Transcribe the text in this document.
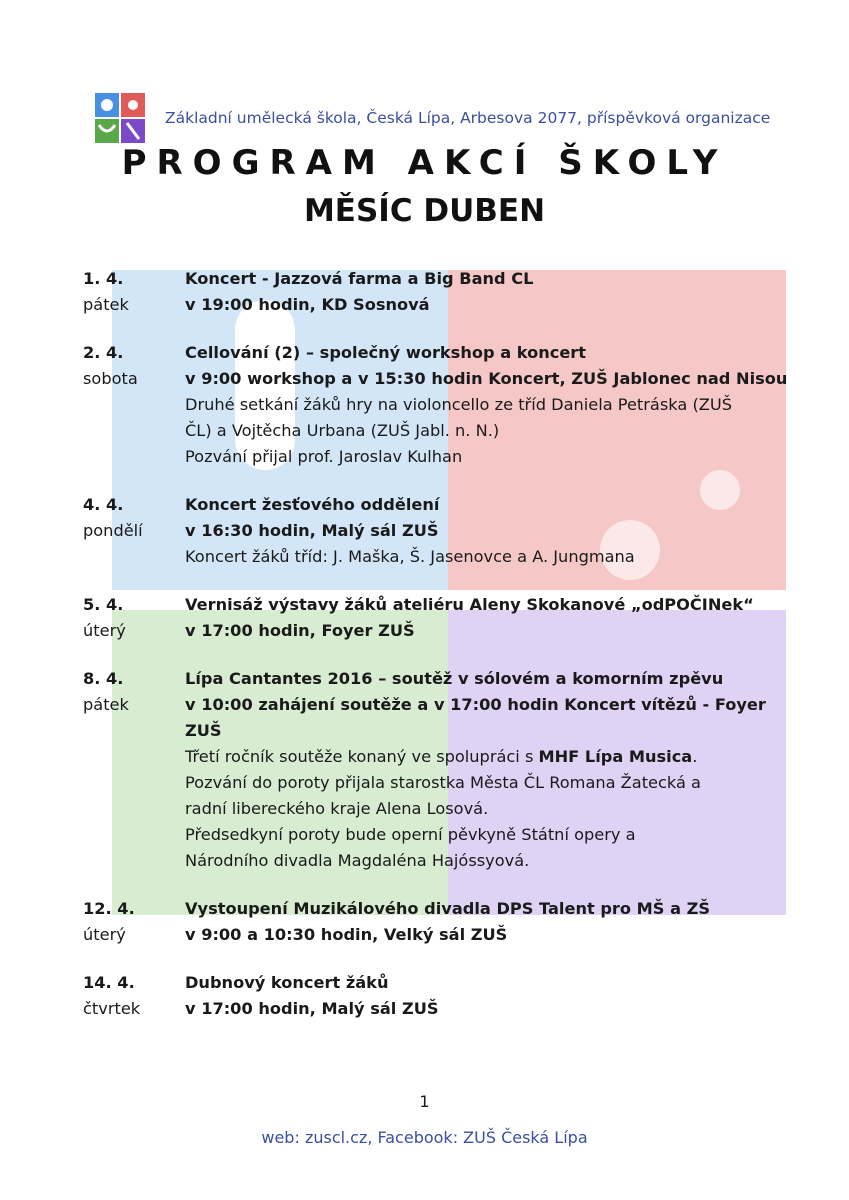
Základní umělecká škola, Česká Lípa, Arbesova 2077, příspěvková organizace
PROGRAM AKCÍ ŠKOLY
MĚSÍC DUBEN
1. 4.
pátek
Koncert - Jazzová farma a Big Band CL
v 19:00 hodin, KD Sosnová
2. 4.
sobota
Cellování (2) – společný workshop a koncert
v 9:00 workshop a v 15:30 hodin Koncert, ZUŠ Jablonec nad Nisou
Druhé setkání žáků hry na violoncello ze tříd Daniela Petráska (ZUŠ
ČL) a Vojtěcha Urbana (ZUŠ Jabl. n. N.)
Pozvání přijal prof. Jaroslav Kulhan
4. 4.
pondělí
Koncert žesťového oddělení
v 16:30 hodin, Malý sál ZUŠ
Koncert žáků tříd: J. Maška, Š. Jasenovce a A. Jungmana
5. 4.
úterý
Vernisáž výstavy žáků ateliéru Aleny Skokanové „odPOČINek“
v 17:00 hodin, Foyer ZUŠ
8. 4.
pátek
Lípa Cantantes 2016 – soutěž v sólovém a komorním zpěvu
v 10:00 zahájení soutěže a v 17:00 hodin Koncert vítězů - Foyer ZUŠ
Třetí ročník soutěže konaný ve spolupráci s MHF Lípa Musica.
Pozvání do poroty přijala starostka Města ČL Romana Žatecká a
radní libereckého kraje Alena Losová.
Předsedkyní poroty bude operní pěvkyně Státní opery a
Národního divadla Magdaléna Hajóssyová.
12. 4.
úterý
Vystoupení Muzikálového divadla DPS Talent pro MŠ a ZŠ
v 9:00 a 10:30 hodin, Velký sál ZUŠ
14. 4.
čtvrtek
Dubnový koncert žáků
v 17:00 hodin, Malý sál ZUŠ
1
web: zuscl.cz, Facebook: ZUŠ Česká Lípa
